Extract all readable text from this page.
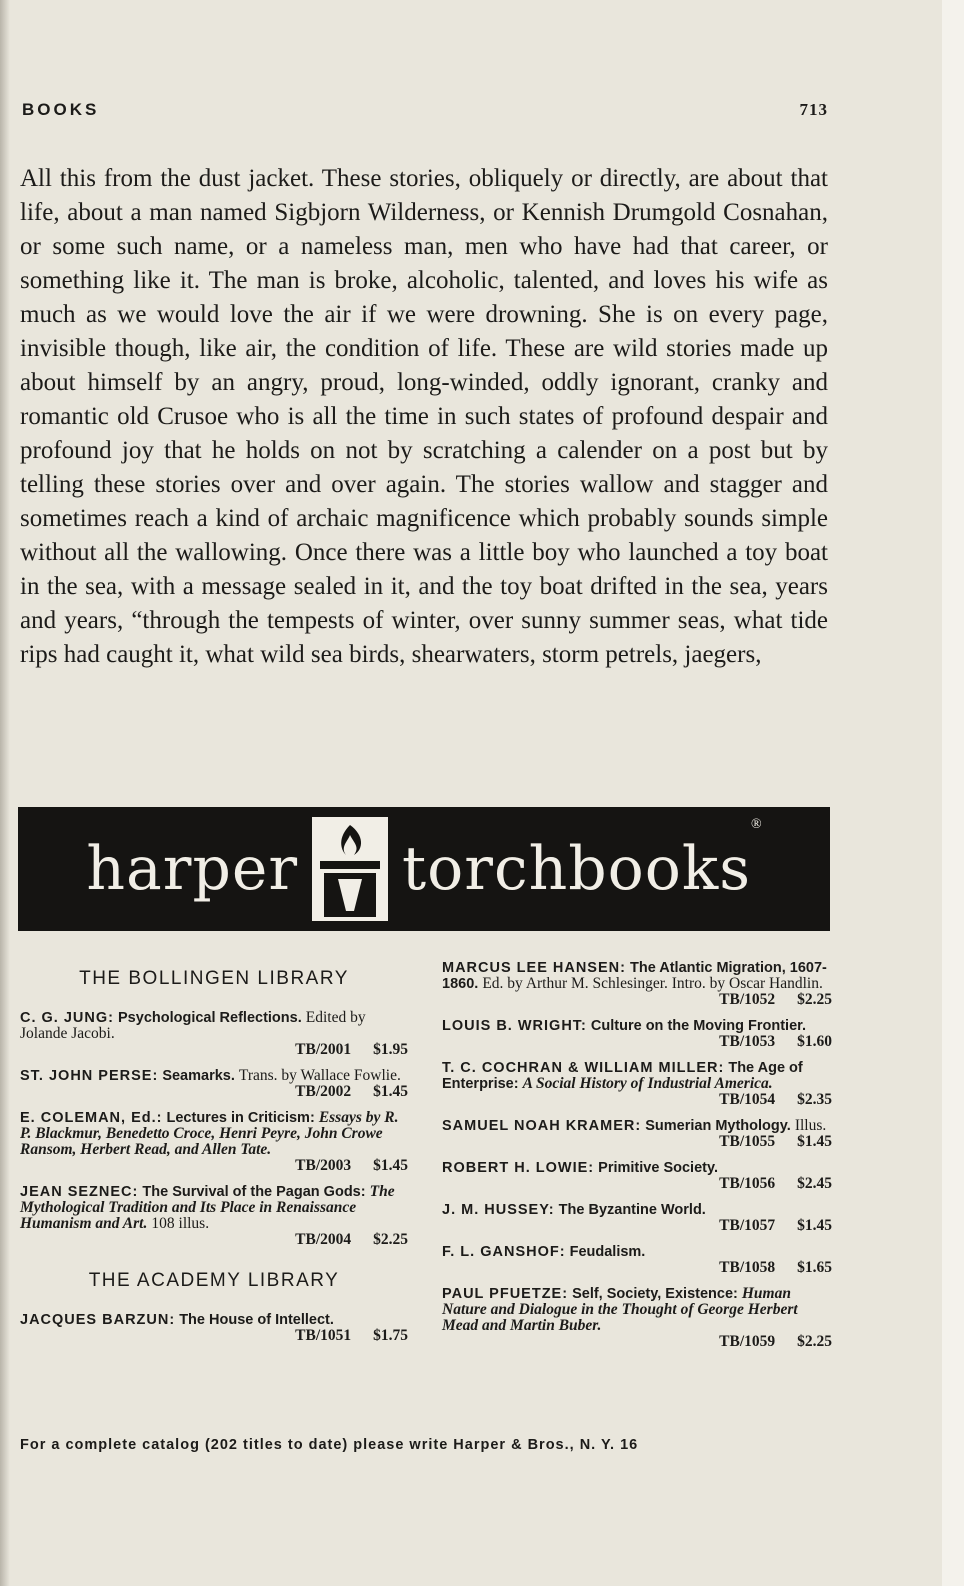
BOOKS	713

All this from the dust jacket. These stories, obliquely or directly, are about that life, about a man named Sigbjorn Wilderness, or Kennish Drumgold Cosnahan, or some such name, or a nameless man, men who have had that career, or something like it. The man is broke, alcoholic, talented, and loves his wife as much as we would love the air if we were drowning. She is on every page, invisible though, like air, the condition of life. These are wild stories made up about himself by an angry, proud, long-winded, oddly ignorant, cranky and romantic old Crusoe who is all the time in such states of profound despair and profound joy that he holds on not by scratching a calender on a post but by telling these stories over and over again. The stories wallow and stagger and sometimes reach a kind of archaic magnificence which probably sounds simple without all the wallowing. Once there was a little boy who launched a toy boat in the sea, with a message sealed in it, and the toy boat drifted in the sea, years and years, “through the tempests of winter, over sunny summer seas, what tide rips had caught it, what wild sea birds, shearwaters, storm petrels, jaegers,

harper torchbooks
®
THE BOLLINGEN LIBRARY
C. G. JUNG: Psychological Reflections. Edited by Jolande Jacobi.
TB/2001 $1.95
ST. JOHN PERSE: Seamarks. Trans. by Wallace Fowlie.
TB/2002 $1.45
E. COLEMAN, Ed.: Lectures in Criticism: Essays by R. P. Blackmur, Benedetto Croce, Henri Peyre, John Crowe Ransom, Herbert Read, and Allen Tate.
TB/2003 $1.45
JEAN SEZNEC: The Survival of the Pagan Gods: The Mythological Tradition and Its Place in Renaissance Humanism and Art. 108 illus.
TB/2004 $2.25
THE ACADEMY LIBRARY
JACQUES BARZUN: The House of Intellect.
TB/1051 $1.75
MARCUS LEE HANSEN: The Atlantic Migration, 1607-1860. Ed. by Arthur M. Schlesinger. Intro. by Oscar Handlin.
TB/1052 $2.25
LOUIS B. WRIGHT: Culture on the Moving Frontier.
TB/1053 $1.60
T. C. COCHRAN & WILLIAM MILLER: The Age of Enterprise: A Social History of Industrial America.
TB/1054 $2.35
SAMUEL NOAH KRAMER: Sumerian Mythology. Illus.
TB/1055 $1.45
ROBERT H. LOWIE: Primitive Society.
TB/1056 $2.45
J. M. HUSSEY: The Byzantine World.
TB/1057 $1.45
F. L. GANSHOF: Feudalism.
TB/1058 $1.65
PAUL PFUETZE: Self, Society, Existence: Human Nature and Dialogue in the Thought of George Herbert Mead and Martin Buber.
TB/1059 $2.25
For a complete catalog (202 titles to date) please write Harper & Bros., N. Y. 16
